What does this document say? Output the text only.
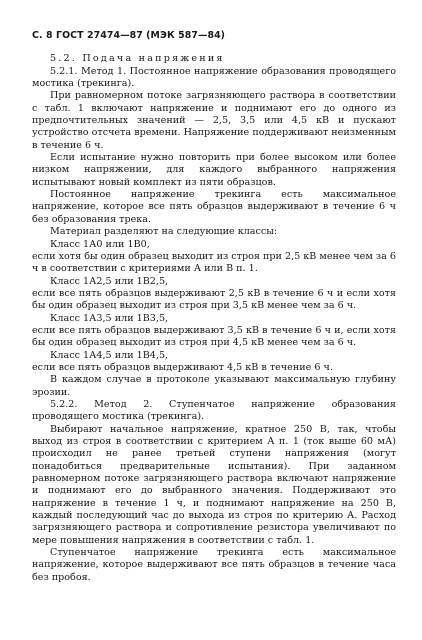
С. 8 ГОСТ 27474—87 (МЭК 587—84)

5.2. Подача напряжения

5.2.1. Метод 1. Постоянное напряжение образования проводящего мостика (трекинга).

При равномерном потоке загрязняющего раствора в соответствии с табл. 1 включают напряжение и поднимают его до одного из предпочтительных значений — 2,5, 3,5 или 4,5 кВ и пускают устройство отсчета времени. Напряжение поддерживают неизменным в течение 6 ч.

Если испытание нужно повторить при более высоком или более низком напряжении, для каждого выбранного напряжения испытывают новый комплект из пяти образцов.

Постоянное напряжение трекинга есть максимальное напряжение, которое все пять образцов выдерживают в течение 6 ч без образования трека.

Материал разделяют на следующие классы:

Класс 1А0 или 1В0,

если хотя бы один образец выходит из строя при 2,5 кВ менее чем за 6 ч в соответствии с критериями А или В п. 1.

Класс 1А2,5 или 1В2,5,

если все пять образцов выдерживают 2,5 кВ в течение 6 ч и если хотя бы один образец выходит из строя при 3,5 кВ менее чем за 6 ч.

Класс 1А3,5 или 1В3,5,

если все пять образцов выдерживают 3,5 кВ в течение 6 ч и, если хотя бы один образец выходит из строя при 4,5 кВ менее чем за 6 ч.

Класс 1А4,5 или 1В4,5,

если все пять образцов выдерживают 4,5 кВ в течение 6 ч.

В каждом случае в протоколе указывают максимальную глубину эрозии.

5.2.2. Метод 2. Ступенчатое напряжение образования проводящего мостика (трекинга).

Выбирают начальное напряжение, кратное 250 В, так, чтобы выход из строя в соответствии с критерием А п. 1 (ток выше 60 мА) происходил не ранее третьей ступени напряжения (могут понадобиться предварительные испытания). При заданном равномерном потоке загрязняющего раствора включают напряжение и поднимают его до выбранного значения. Поддерживают это напряжение в течение 1 ч, и поднимают напряжение на 250 В, каждый последующий час до выхода из строя по критерию А. Расход загрязняющего раствора и сопротивление резистора увеличивают по мере повышения напряжения в соответствии с табл. 1.

Ступенчатое напряжение трекинга есть максимальное напряжение, которое выдерживают все пять образцов в течение часа без пробоя.
